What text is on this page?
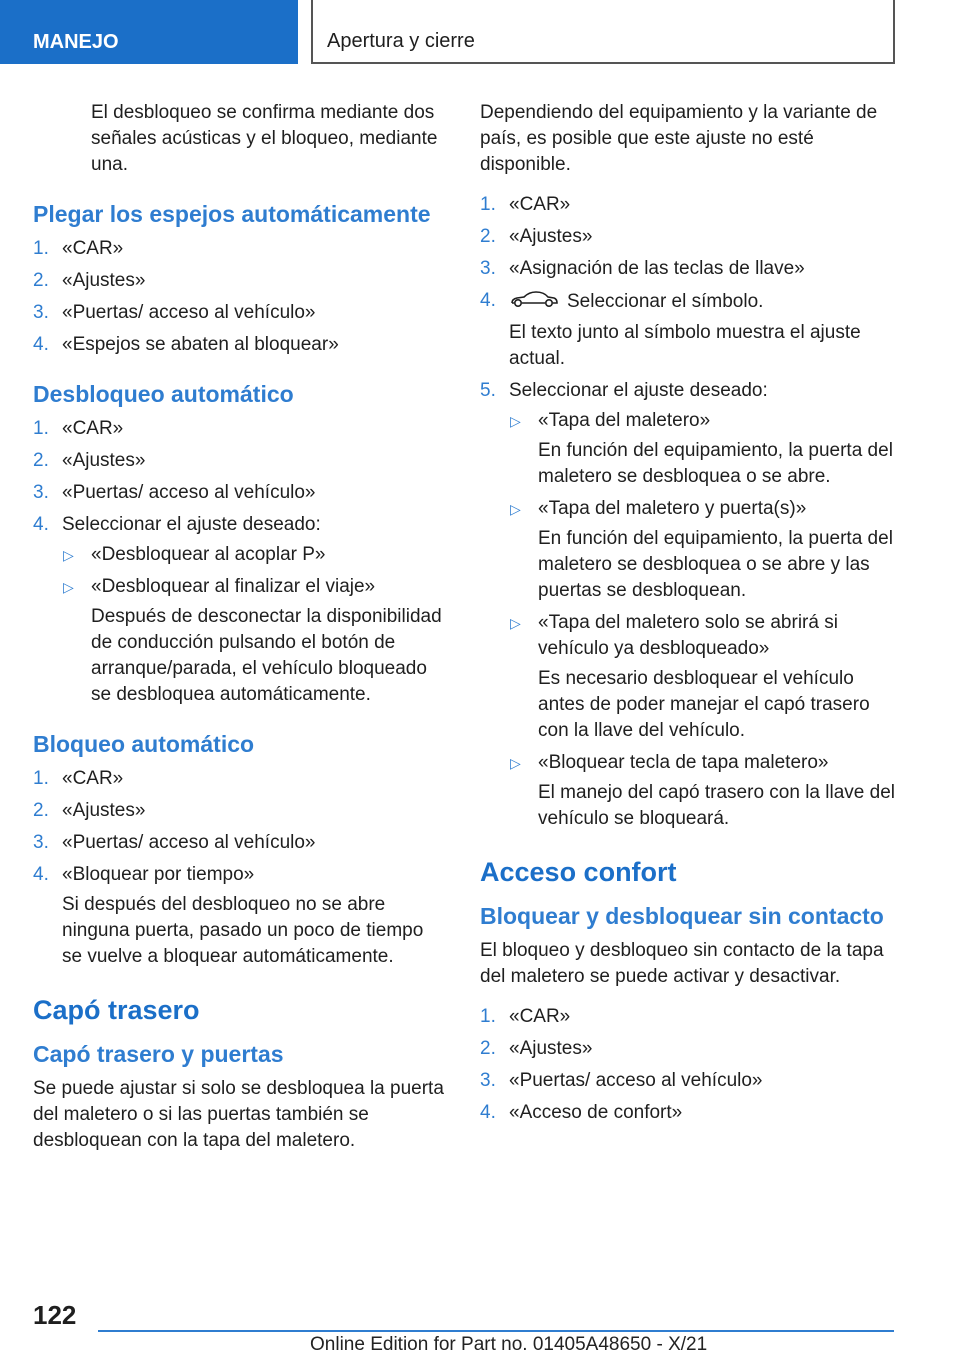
MANEJO	Apertura y cierre

El desbloqueo se confirma mediante dos señales acústicas y el bloqueo, mediante una.

Plegar los espejos automáticamente
1. «CAR»
2. «Ajustes»
3. «Puertas/ acceso al vehículo»
4. «Espejos se abaten al bloquear»
Desbloqueo automático
1. «CAR»
2. «Ajustes»
3. «Puertas/ acceso al vehículo»
4. Seleccionar el ajuste deseado:
▷ «Desbloquear al acoplar P»
▷ «Desbloquear al finalizar el viaje»
Después de desconectar la disponibilidad de conducción pulsando el botón de arranque/parada, el vehículo bloqueado se desbloquea automáticamente.
Bloqueo automático
1. «CAR»
2. «Ajustes»
3. «Puertas/ acceso al vehículo»
4. «Bloquear por tiempo»
Si después del desbloqueo no se abre ninguna puerta, pasado un poco de tiempo se vuelve a bloquear automáticamente.
Capó trasero
Capó trasero y puertas

Se puede ajustar si solo se desbloquea la puerta del maletero o si las puertas también se desbloquean con la tapa del maletero.

Dependiendo del equipamiento y la variante de país, es posible que este ajuste no esté disponible.

1. «CAR»
2. «Ajustes»
3. «Asignación de las teclas de llave»
4.	Seleccionar el símbolo.
El texto junto al símbolo muestra el ajuste actual.
5. Seleccionar el ajuste deseado:
▷ «Tapa del maletero»
En función del equipamiento, la puerta del maletero se desbloquea o se abre.
▷ «Tapa del maletero y puerta(s)»
En función del equipamiento, la puerta del maletero se desbloquea o se abre y las puertas se desbloquean.
▷ «Tapa del maletero solo se abrirá si vehículo ya desbloqueado»
Es necesario desbloquear el vehículo antes de poder manejar el capó trasero con la llave del vehículo.
▷ «Bloquear tecla de tapa maletero»
El manejo del capó trasero con la llave del vehículo se bloqueará.
Acceso confort
Bloquear y desbloquear sin contacto

El bloqueo y desbloqueo sin contacto de la tapa del maletero se puede activar y desactivar.

1. «CAR»
2. «Ajustes»
3. «Puertas/ acceso al vehículo»
4. «Acceso de confort»
122
Online Edition for Part no. 01405A48650 - X/21
